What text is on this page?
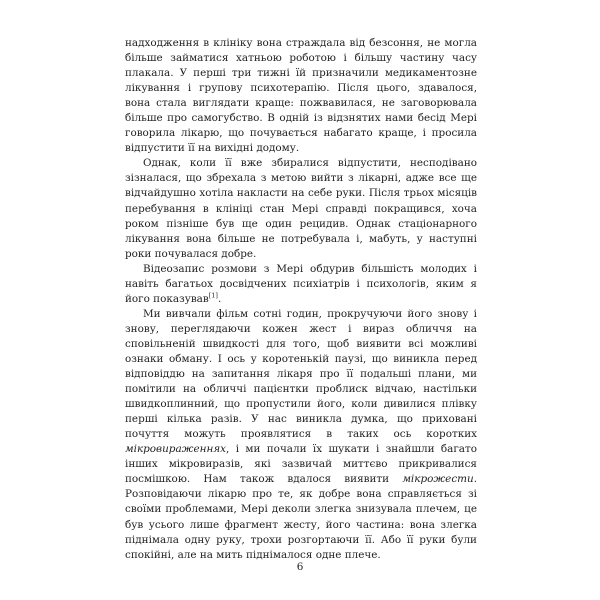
надходження в клініку вона страждала від безсоння, не могла
більше займатися хатньою роботою і більшу частину часу
плакала. У перші три тижні їй призначили медикаментозне
лікування і групову психотерапію. Після цього, здавалося,
вона стала виглядати краще: пожвавилася, не заговорювала
більше про самогубство. В одній із відзнятих нами бесід Мері
говорила лікарю, що почувається набагато краще, і просила
відпустити її на вихідні додому.

Однак, коли її вже збиралися відпустити, несподівано
зізналася, що збрехала з метою вийти з лікарні, адже все ще
відчайдушно хотіла накласти на себе руки. Після трьох місяців
перебування в клініці стан Мері справді покращився, хоча
роком пізніше був ще один рецидив. Однак стаціонарного
лікування вона більше не потребувала і, мабуть, у наступні
роки почувалася добре.

Відеозапис розмови з Мері обдурив більшість молодих і
навіть багатьох досвідчених психіатрів і психологів, яким я
його показував[1].

Ми вивчали фільм сотні годин, прокручуючи його знову і
знову, переглядаючи кожен жест і вираз обличчя на
сповільненій швидкості для того, щоб виявити всі можливі
ознаки обману. І ось у коротенькій паузі, що виникла перед
відповіддю на запитання лікаря про її подальші плани, ми
помітили на обличчі пацієнтки проблиск відчаю, настільки
швидкоплинний, що пропустили його, коли дивилися плівку
перші кілька разів. У нас виникла думка, що приховані
почуття можуть проявлятися в таких ось коротких
мікровираженнях, і ми почали їх шукати і знайшли багато
інших мікровиразів, які зазвичай миттєво прикривалися
посмішкою. Нам також вдалося виявити мікрожести.
Розповідаючи лікарю про те, як добре вона справляється зі
своїми проблемами, Мері деколи злегка знизувала плечем, це
був усього лише фрагмент жесту, його частина: вона злегка
піднімала одну руку, трохи розгортаючи її. Або її руки були
спокійні, але на мить піднімалося одне плече.

6
